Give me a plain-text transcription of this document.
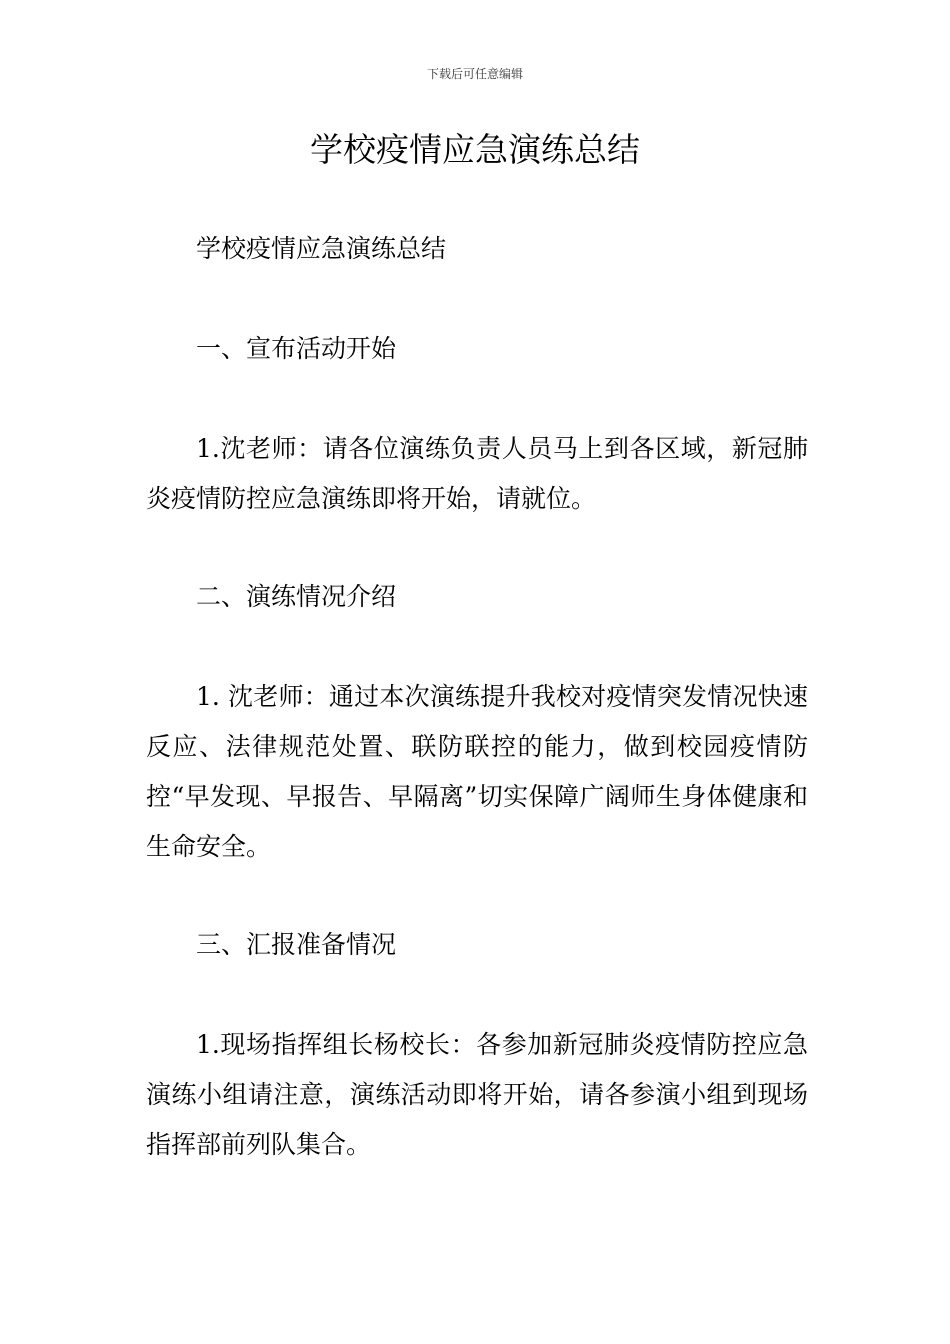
下载后可任意编辑
学校疫情应急演练总结

学校疫情应急演练总结

一、宣布活动开始

1.沈老师：请各位演练负责人员马上到各区域，新冠肺炎疫情防控应急演练即将开始，请就位。

二、演练情况介绍

1. 沈老师：通过本次演练提升我校对疫情突发情况快速反应、法律规范处置、联防联控的能力，做到校园疫情防控“早发现、早报告、早隔离”切实保障广阔师生身体健康和生命安全。

三、汇报准备情况

1.现场指挥组长杨校长：各参加新冠肺炎疫情防控应急演练小组请注意，演练活动即将开始，请各参演小组到现场指挥部前列队集合。
